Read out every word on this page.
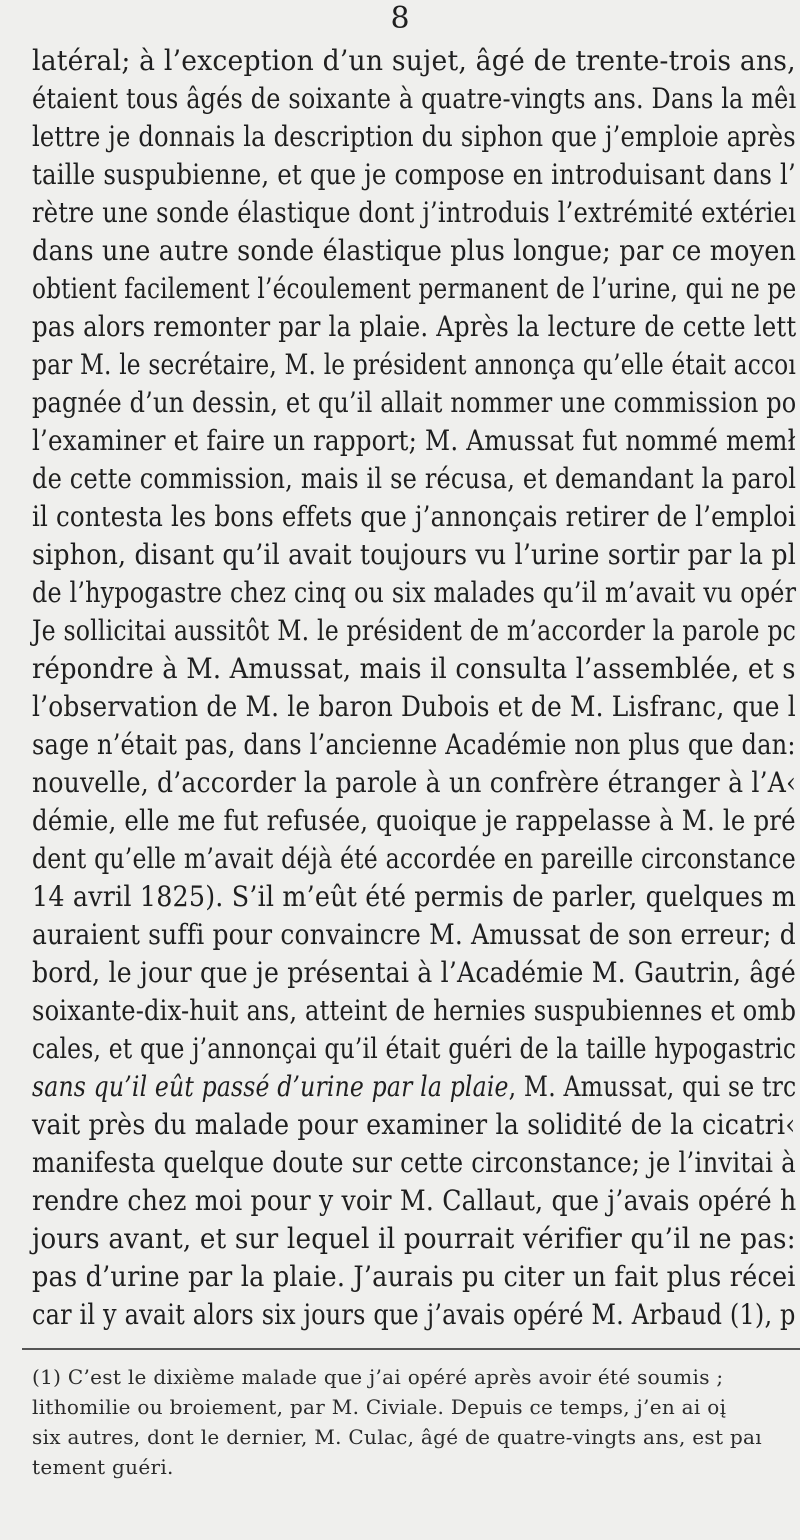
8
latéral; à l’exception d’un sujet, âgé de trente-trois ans,
étaient tous âgés de soixante à quatre-vingts ans. Dans la mêı
lettre je donnais la description du siphon que j’emploie après
taille suspubienne, et que je compose en introduisant dans l’
rètre une sonde élastique dont j’introduis l’extrémité extérieı
dans une autre sonde élastique plus longue; par ce moyen
obtient facilement l’écoulement permanent de l’urine, qui ne pe
pas alors remonter par la plaie. Après la lecture de cette lett
par M. le secrétaire, M. le président annonça qu’elle était accoı
pagnée d’un dessin, et qu’il allait nommer une commission po
l’examiner et faire un rapport; M. Amussat fut nommé memł
de cette commission, mais il se récusa, et demandant la parol
il contesta les bons effets que j’annonçais retirer de l’emploi
siphon, disant qu’il avait toujours vu l’urine sortir par la pl
de l’hypogastre chez cinq ou six malades qu’il m’avait vu opér
Je sollicitai aussitôt M. le président de m’accorder la parole pc
répondre à M. Amussat, mais il consulta l’assemblée, et s
l’observation de M. le baron Dubois et de M. Lisfranc, que l
sage n’était pas, dans l’ancienne Académie non plus que dan:
nouvelle, d’accorder la parole à un confrère étranger à l’A‹
démie, elle me fut refusée, quoique je rappelasse à M. le pré
dent qu’elle m’avait déjà été accordée en pareille circonstance
14 avril 1825). S’il m’eût été permis de parler, quelques m
auraient suffi pour convaincre M. Amussat de son erreur; d
bord, le jour que je présentai à l’Académie M. Gautrin, âgé
soixante-dix-huit ans, atteint de hernies suspubiennes et omb
cales, et que j’annonçai qu’il était guéri de la taille hypogastric
sans qu’il eût passé d’urine par la plaie, M. Amussat, qui se trc
vait près du malade pour examiner la solidité de la cicatri‹
manifesta quelque doute sur cette circonstance; je l’invitai à
rendre chez moi pour y voir M. Callaut, que j’avais opéré h
jours avant, et sur lequel il pourrait vérifier qu’il ne pas:
pas d’urine par la plaie. J’aurais pu citer un fait plus récei
car il y avait alors six jours que j’avais opéré M. Arbaud (1), p
(1) C’est le dixième malade que j’ai opéré après avoir été soumis ;
lithomilie ou broiement, par M. Civiale. Depuis ce temps, j’en ai oį
six autres, dont le dernier, M. Culac, âgé de quatre-vingts ans, est paı
tement guéri.
